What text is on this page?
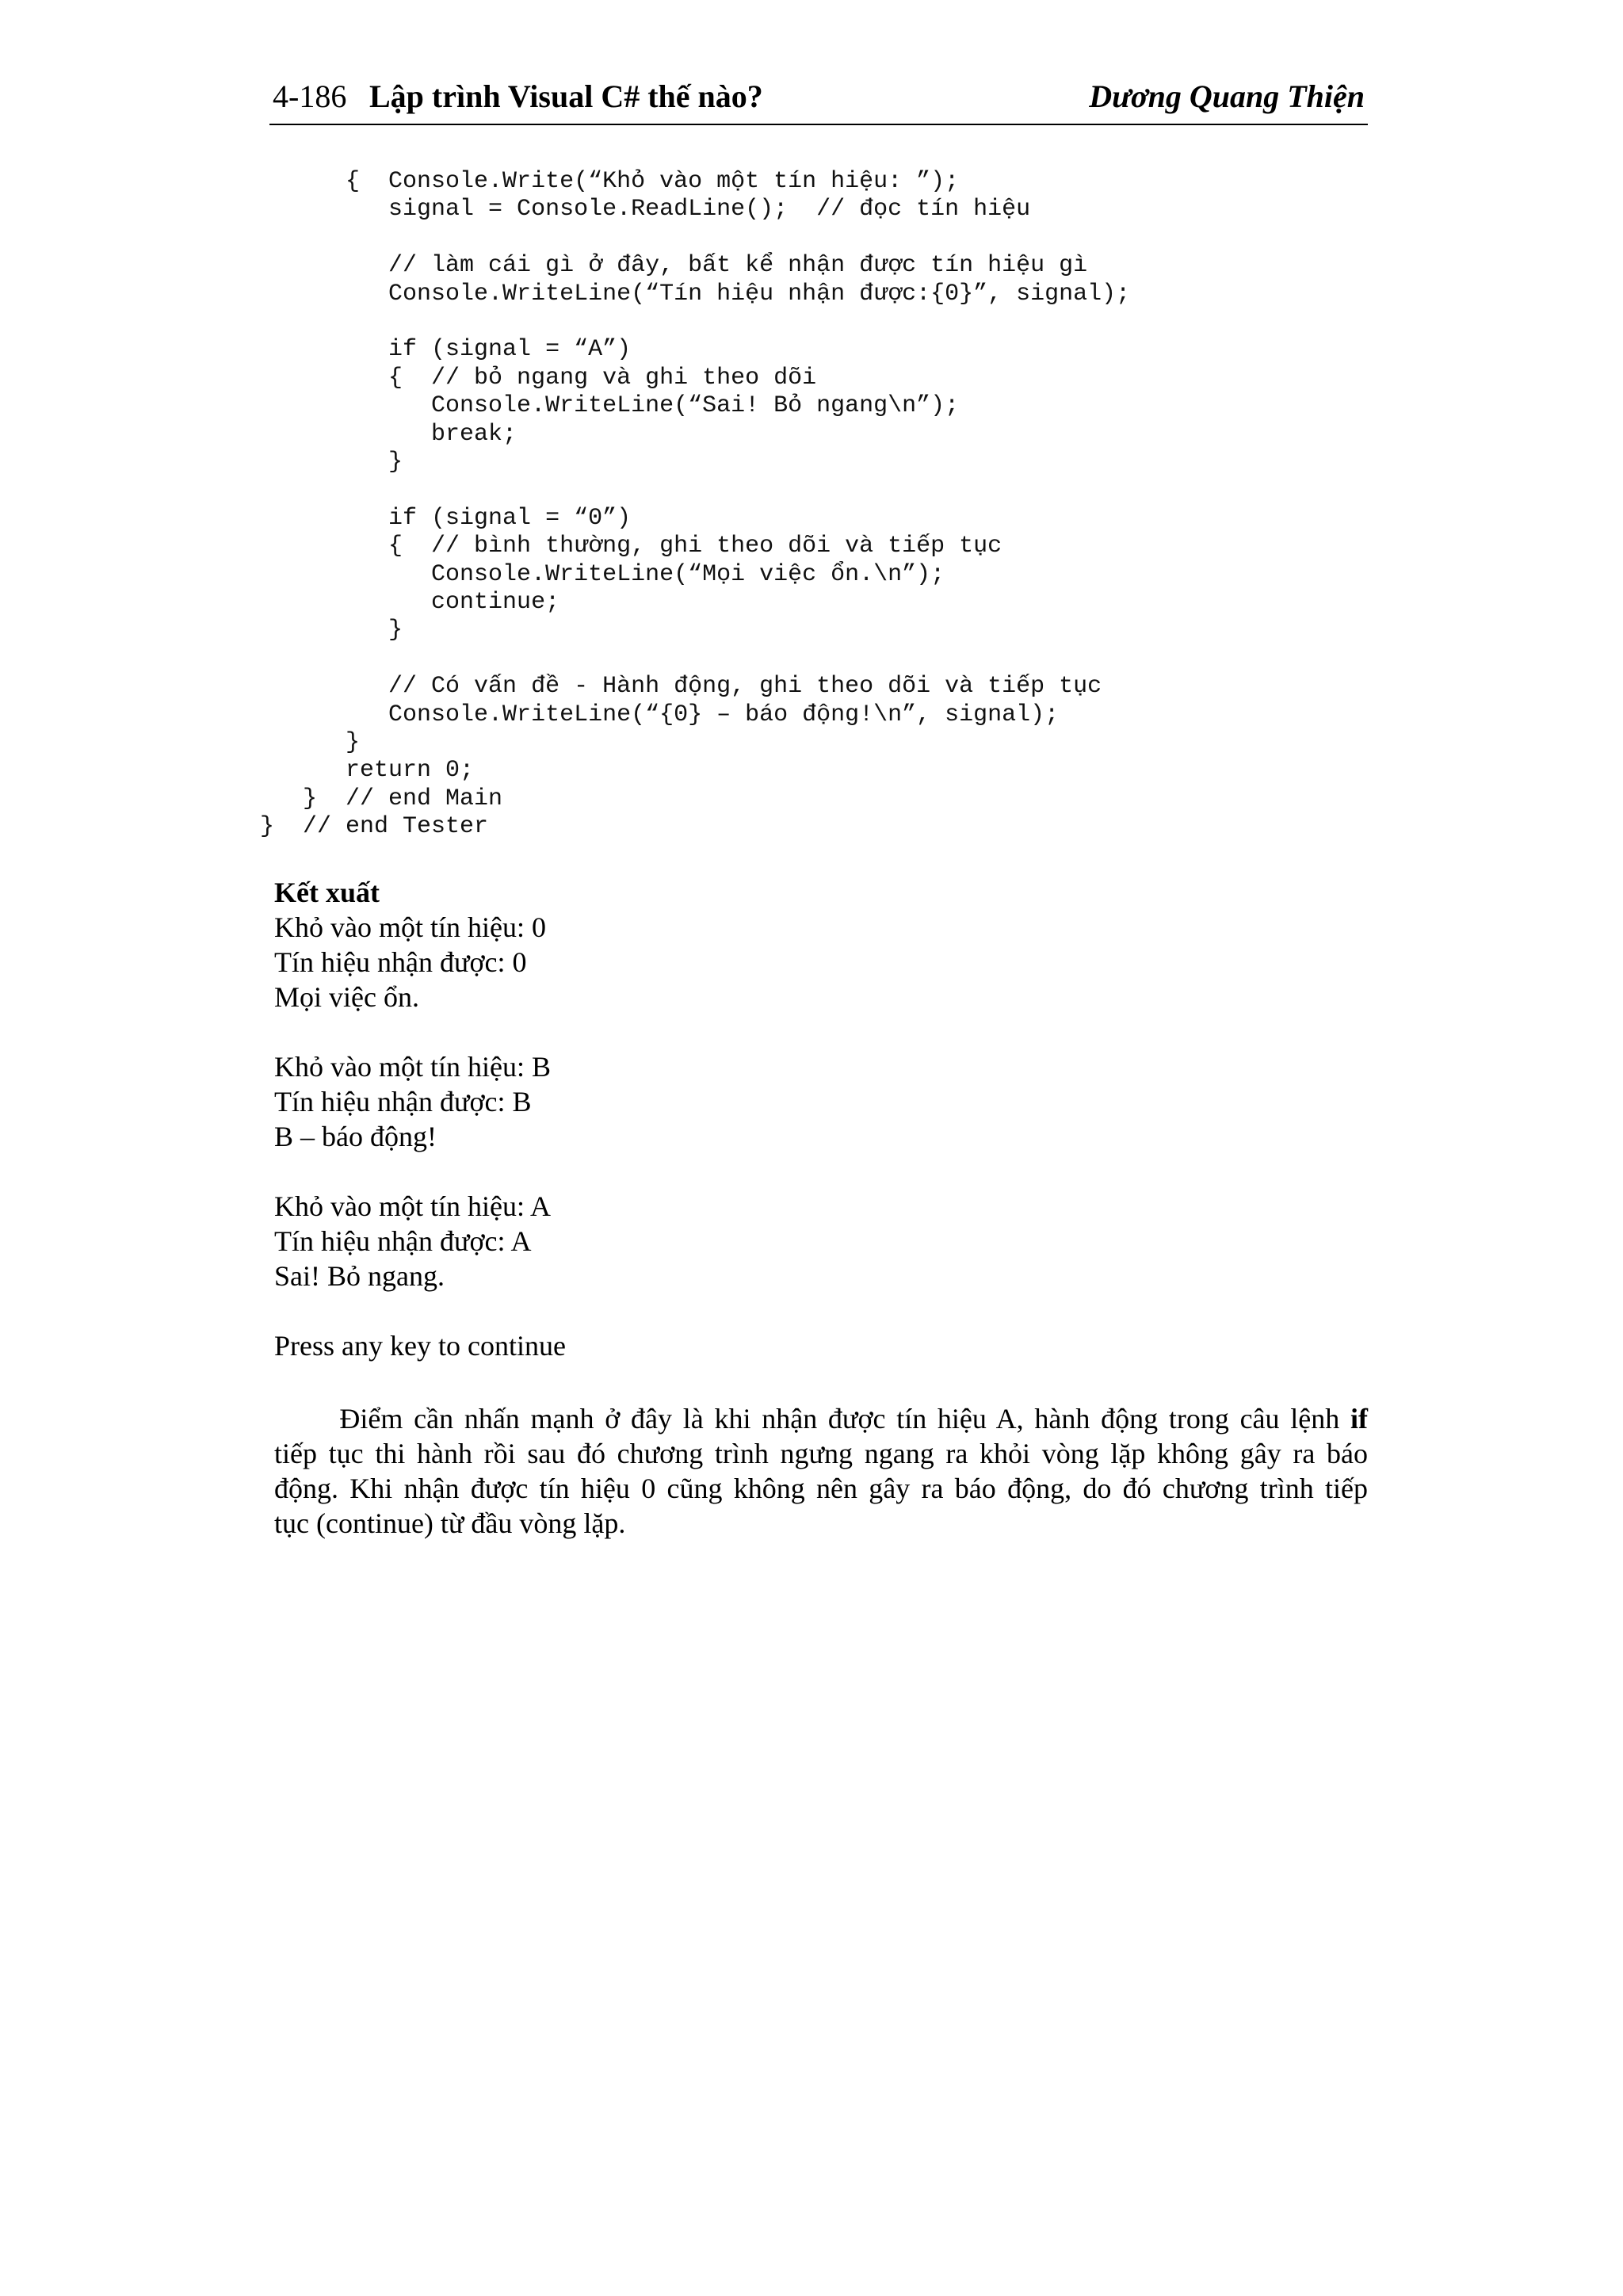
4-186 Lập trình Visual C# thế nào?	Dương Quang Thiện
{  Console.Write(“Khỏ vào một tín hiệu: ”);
signal = Console.ReadLine();  // đọc tín hiệu
// làm cái gì ở đây, bất kể nhận được tín hiệu gì
Console.WriteLine(“Tín hiệu nhận được:{0}”, signal);
if (signal = “A”)
{  // bỏ ngang và ghi theo dõi
Console.WriteLine(“Sai! Bỏ ngang\n”);
break;
}
if (signal = “0”)
{  // bình thường, ghi theo dõi và tiếp tục
Console.WriteLine(“Mọi việc ổn.\n”);
continue;
}
// Có vấn đề - Hành động, ghi theo dõi và tiếp tục
Console.WriteLine(“{0} – báo động!\n”, signal);
}
return 0;
}  // end Main
}  // end Tester
Kết xuất
Khỏ vào một tín hiệu: 0
Tín hiệu nhận được: 0
Mọi việc ổn.
Khỏ vào một tín hiệu: B
Tín hiệu nhận được: B
B – báo động!
Khỏ vào một tín hiệu: A
Tín hiệu nhận được: A
Sai! Bỏ ngang.
Press any key to continue
Điểm cần nhấn mạnh ở đây là khi nhận được tín hiệu A, hành động trong câu lệnh if
tiếp tục thi hành rồi sau đó chương trình ngưng ngang ra khỏi vòng lặp không gây ra báo
động. Khi nhận được tín hiệu 0 cũng không nên gây ra báo động, do đó chương trình tiếp
tục (continue) từ đầu vòng lặp.
